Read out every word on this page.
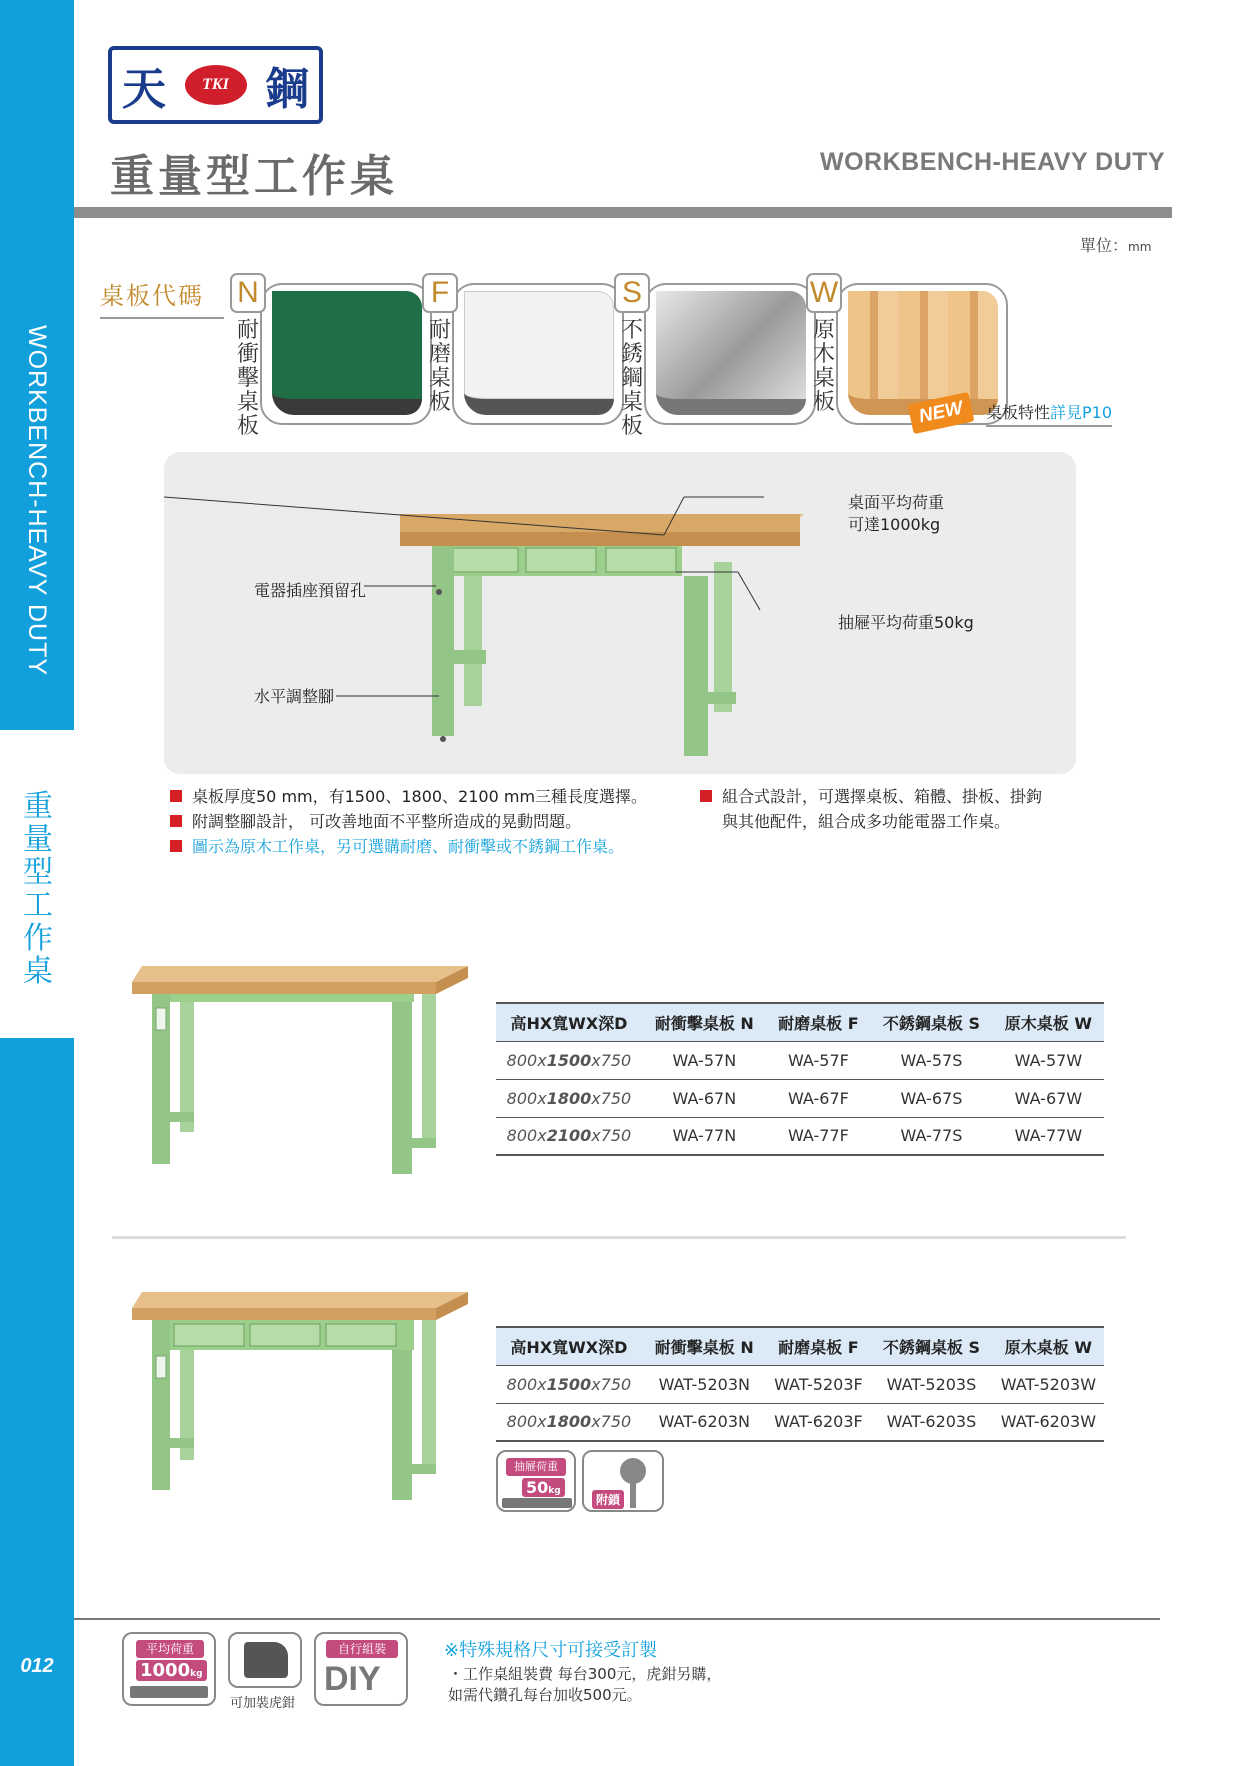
WORKBENCH-HEAVY DUTY
重量型工作桌
012
天	TKI 鋼
重量型工作桌	WORKBENCH-HEAVY DUTY
單位：mm
桌板代碼 N
耐衝擊桌板
F
耐磨桌板
S
不銹鋼桌板
W
原木桌板	NEW	桌板特性詳見P10
桌面平均荷重
可達1000kg
抽屜平均荷重50kg
電器插座預留孔
水平調整腳
桌板厚度50 mm，有1500、1800、2100 mm三種長度選擇。
附調整腳設計， 可改善地面不平整所造成的晃動問題。
圖示為原木工作桌，另可選購耐磨、耐衝擊或不銹鋼工作桌。
組合式設計，可選擇桌板、箱體、掛板、掛鉤
與其他配件，組合成多功能電器工作桌。
高HX寬WX深D	耐衝擊桌板 N	耐磨桌板 F	不銹鋼桌板 S	原木桌板 W
800x1500x750	WA-57N	WA-57F	WA-57S	WA-57W
800x1800x750	WA-67N	WA-67F	WA-67S	WA-67W
800x2100x750	WA-77N	WA-77F	WA-77S	WA-77W
高HX寬WX深D	耐衝擊桌板 N	耐磨桌板 F	不銹鋼桌板 S	原木桌板 W
800x1500x750	WAT-5203N	WAT-5203F	WAT-5203S	WAT-5203W
800x1800x750	WAT-6203N	WAT-6203F	WAT-6203S	WAT-6203W
抽屜荷重
50kg
附鎖
平均荷重
1000kg
可加裝虎鉗
自行組裝
DIY
※特殊規格尺寸可接受訂製
・工作桌組裝費 每台300元，虎鉗另購，
如需代鑽孔每台加收500元。
